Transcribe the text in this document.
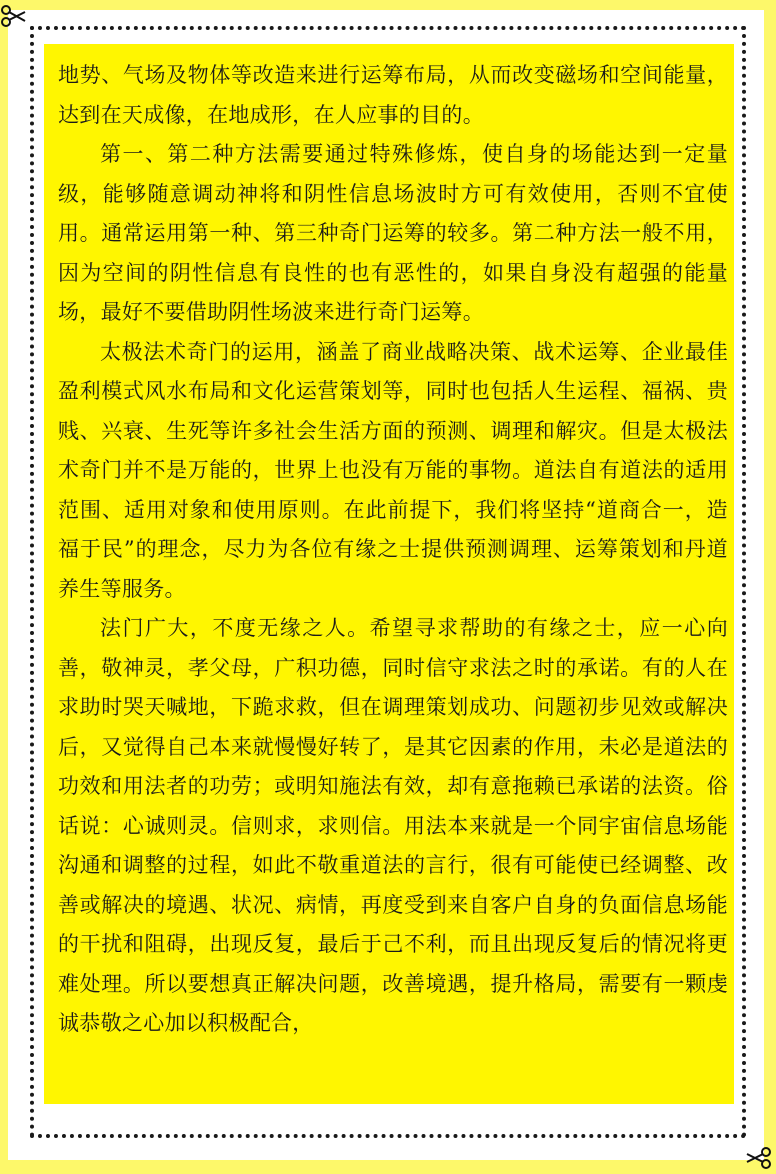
地势、气场及物体等改造来进行运筹布局，从而改变磁场和空间能量，达到在天成像，在地成形，在人应事的目的。

第一、第二种方法需要通过特殊修炼，使自身的场能达到一定量级，能够随意调动神将和阴性信息场波时方可有效使用，否则不宜使用。通常运用第一种、第三种奇门运筹的较多。第二种方法一般不用，因为空间的阴性信息有良性的也有恶性的，如果自身没有超强的能量场，最好不要借助阴性场波来进行奇门运筹。

太极法术奇门的运用，涵盖了商业战略决策、战术运筹、企业最佳盈利模式风水布局和文化运营策划等，同时也包括人生运程、福祸、贵贱、兴衰、生死等许多社会生活方面的预测、调理和解灾。但是太极法术奇门并不是万能的，世界上也没有万能的事物。道法自有道法的适用范围、适用对象和使用原则。在此前提下，我们将坚持“道商合一，造福于民”的理念，尽力为各位有缘之士提供预测调理、运筹策划和丹道养生等服务。

法门广大，不度无缘之人。希望寻求帮助的有缘之士，应一心向善，敬神灵，孝父母，广积功德，同时信守求法之时的承诺。有的人在求助时哭天喊地，下跪求救，但在调理策划成功、问题初步见效或解决后，又觉得自己本来就慢慢好转了，是其它因素的作用，未必是道法的功效和用法者的功劳；或明知施法有效，却有意拖赖已承诺的法资。俗话说：心诚则灵。信则求，求则信。用法本来就是一个同宇宙信息场能沟通和调整的过程，如此不敬重道法的言行，很有可能使已经调整、改善或解决的境遇、状况、病情，再度受到来自客户自身的负面信息场能的干扰和阻碍，出现反复，最后于己不利，而且出现反复后的情况将更难处理。所以要想真正解决问题，改善境遇，提升格局，需要有一颗虔诚恭敬之心加以积极配合，
